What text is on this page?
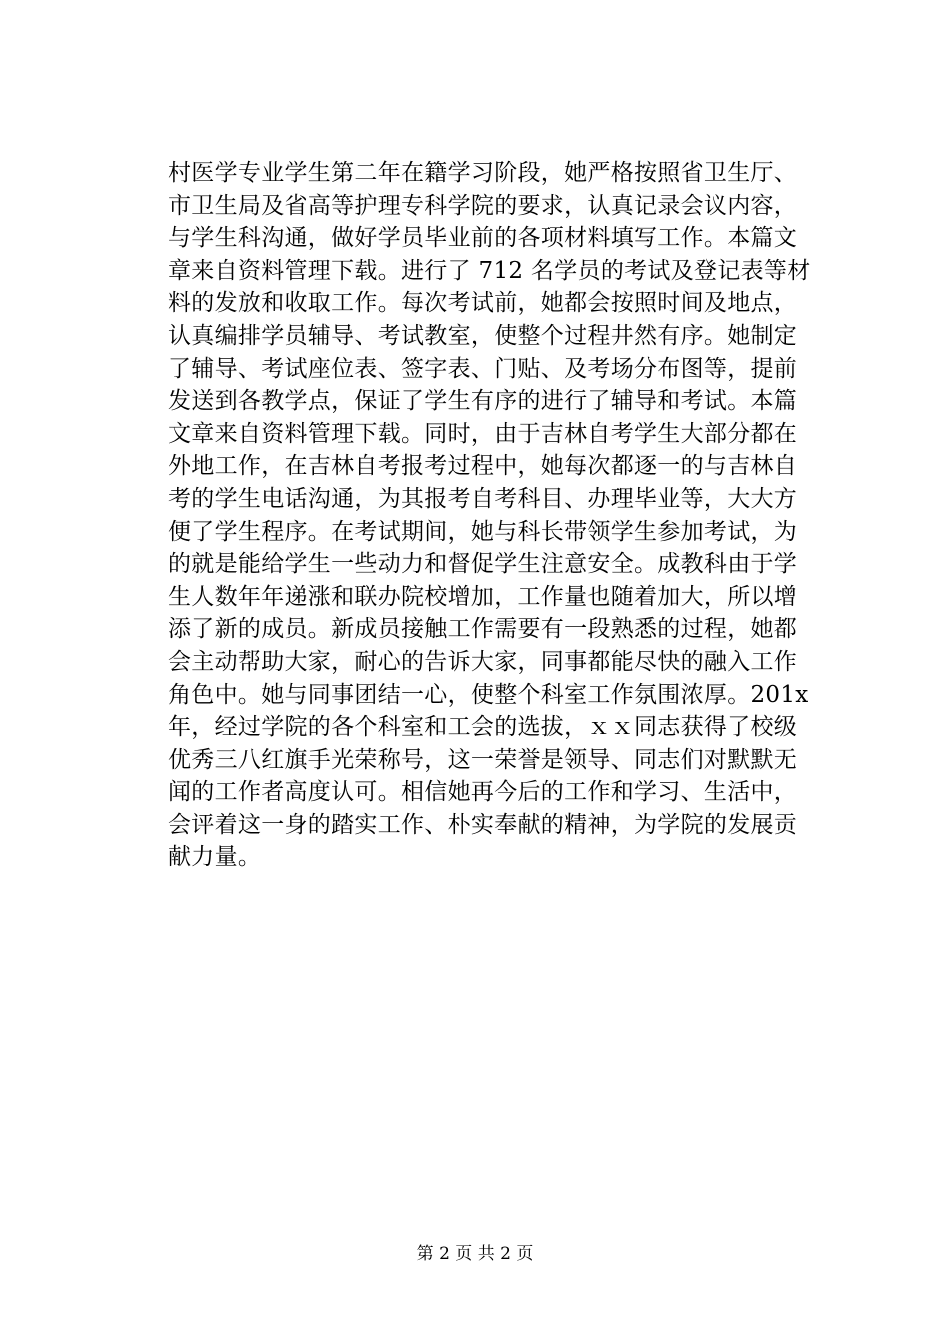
村医学专业学生第二年在籍学习阶段，她严格按照省卫生厅、
市卫生局及省高等护理专科学院的要求，认真记录会议内容，
与学生科沟通，做好学员毕业前的各项材料填写工作。本篇文
章来自资料管理下载。进行了 712 名学员的考试及登记表等材
料的发放和收取工作。每次考试前，她都会按照时间及地点，
认真编排学员辅导、考试教室，使整个过程井然有序。她制定
了辅导、考试座位表、签字表、门贴、及考场分布图等，提前
发送到各教学点，保证了学生有序的进行了辅导和考试。本篇
文章来自资料管理下载。同时，由于吉林自考学生大部分都在
外地工作，在吉林自考报考过程中，她每次都逐一的与吉林自
考的学生电话沟通，为其报考自考科目、办理毕业等，大大方
便了学生程序。在考试期间，她与科长带领学生参加考试，为
的就是能给学生一些动力和督促学生注意安全。成教科由于学
生人数年年递涨和联办院校增加，工作量也随着加大，所以增
添了新的成员。新成员接触工作需要有一段熟悉的过程，她都
会主动帮助大家，耐心的告诉大家，同事都能尽快的融入工作
角色中。她与同事团结一心，使整个科室工作氛围浓厚。201x
年，经过学院的各个科室和工会的选拔，ｘｘ同志获得了校级
优秀三八红旗手光荣称号，这一荣誉是领导、同志们对默默无
闻的工作者高度认可。相信她再今后的工作和学习、生活中，
会评着这一身的踏实工作、朴实奉献的精神，为学院的发展贡
献力量。
第 2 页 共 2 页
